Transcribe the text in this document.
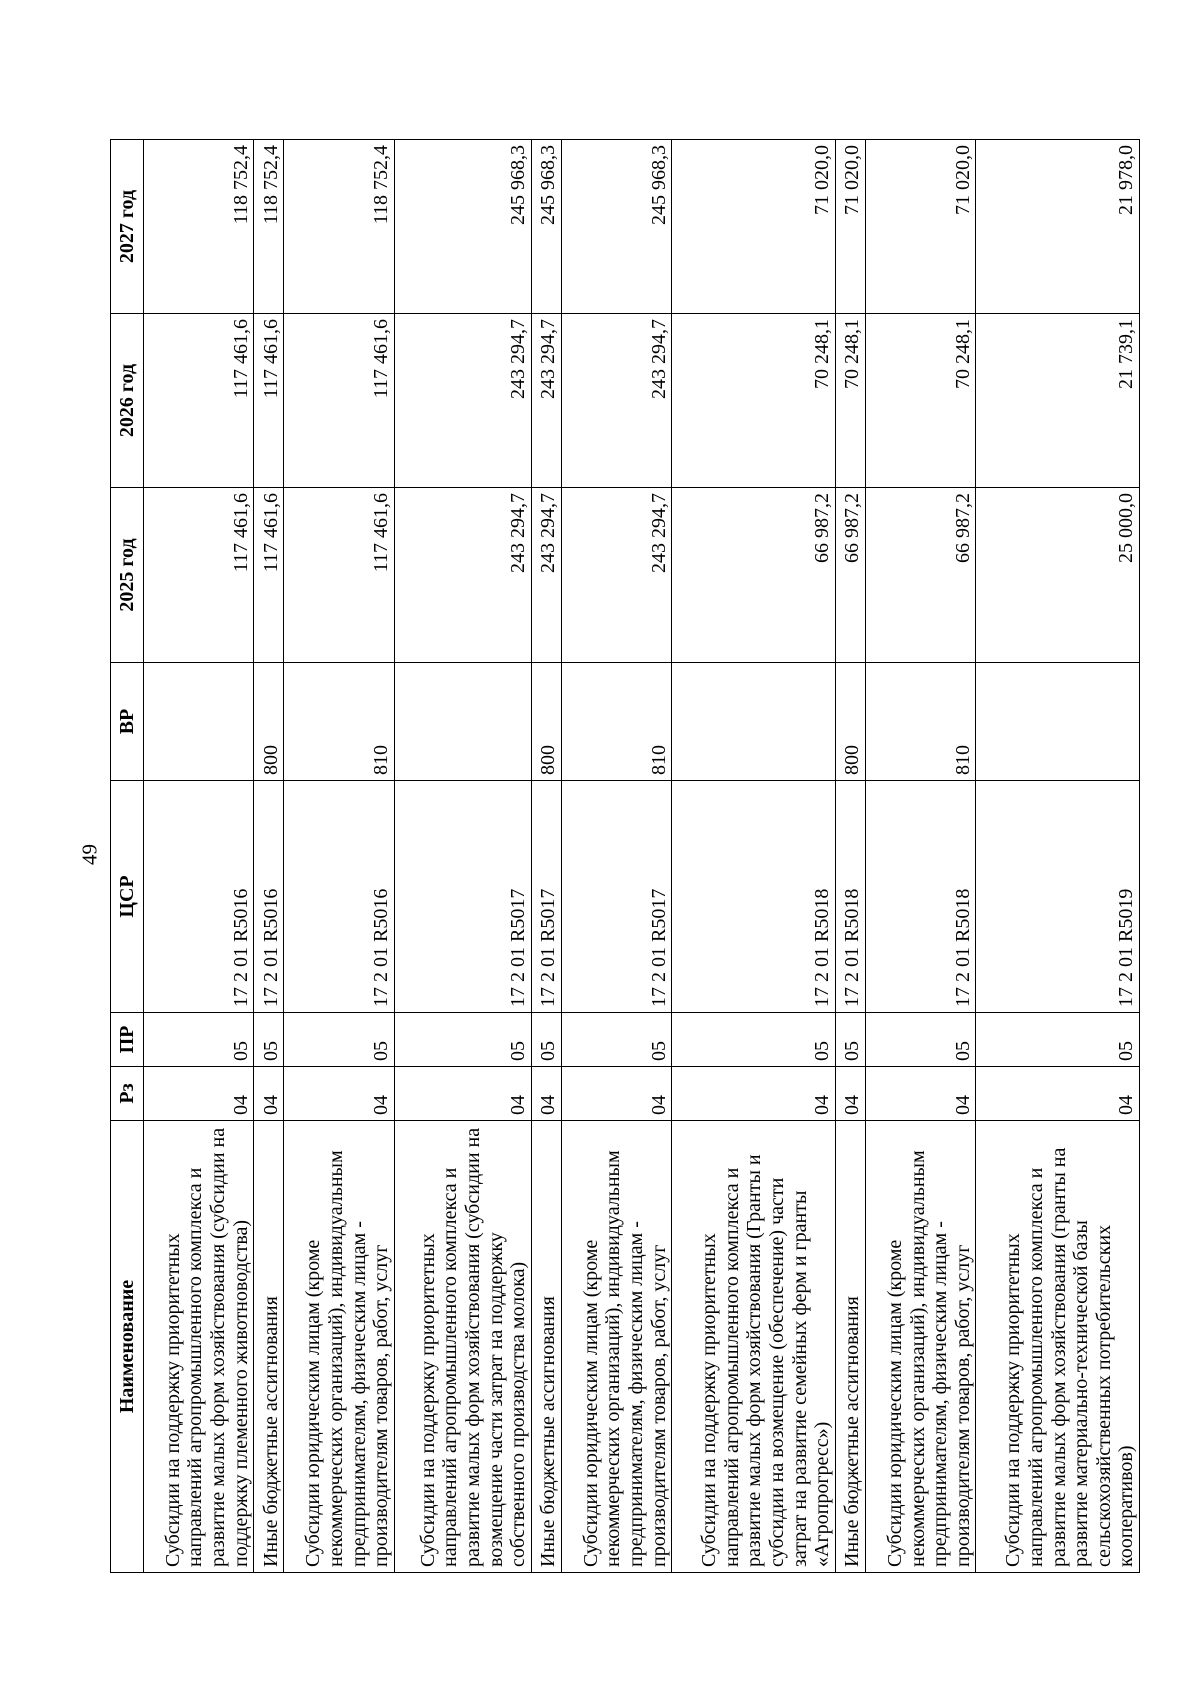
49
Наименование	Рз	ПР	ЦСР	ВР	2025 год	2026 год	2027 год
Субсидии на поддержку приоритетных направлений агропромышленного комплекса и развитие малых форм хозяйствования (субсидии на поддержку племенного животноводства)	04	05	17 2 01 R5016		117 461,6	117 461,6	118 752,4
Иные бюджетные ассигнования	04	05	17 2 01 R5016	800	117 461,6	117 461,6	118 752,4
Субсидии юридическим лицам (кроме некоммерческих организаций), индивидуальным предпринимателям, физическим лицам - производителям товаров, работ, услуг	04	05	17 2 01 R5016	810	117 461,6	117 461,6	118 752,4
Субсидии на поддержку приоритетных направлений агропромышленного комплекса и развитие малых форм хозяйствования (субсидии на возмещение части затрат на поддержку собственного производства молока)	04	05	17 2 01 R5017		243 294,7	243 294,7	245 968,3
Иные бюджетные ассигнования	04	05	17 2 01 R5017	800	243 294,7	243 294,7	245 968,3
Субсидии юридическим лицам (кроме некоммерческих организаций), индивидуальным предпринимателям, физическим лицам - производителям товаров, работ, услуг	04	05	17 2 01 R5017	810	243 294,7	243 294,7	245 968,3
Субсидии на поддержку приоритетных направлений агропромышленного комплекса и развитие малых форм хозяйствования (Гранты и субсидии на возмещение (обеспечение) части затрат на развитие семейных ферм и гранты «Агропрогресс»)	04	05	17 2 01 R5018		66 987,2	70 248,1	71 020,0
Иные бюджетные ассигнования	04	05	17 2 01 R5018	800	66 987,2	70 248,1	71 020,0
Субсидии юридическим лицам (кроме некоммерческих организаций), индивидуальным предпринимателям, физическим лицам - производителям товаров, работ, услуг	04	05	17 2 01 R5018	810	66 987,2	70 248,1	71 020,0
Субсидии на поддержку приоритетных направлений агропромышленного комплекса и развитие малых форм хозяйствования (гранты на развитие материально-технической базы сельскохозяйственных потребительских кооперативов)	04	05	17 2 01 R5019		25 000,0	21 739,1	21 978,0
